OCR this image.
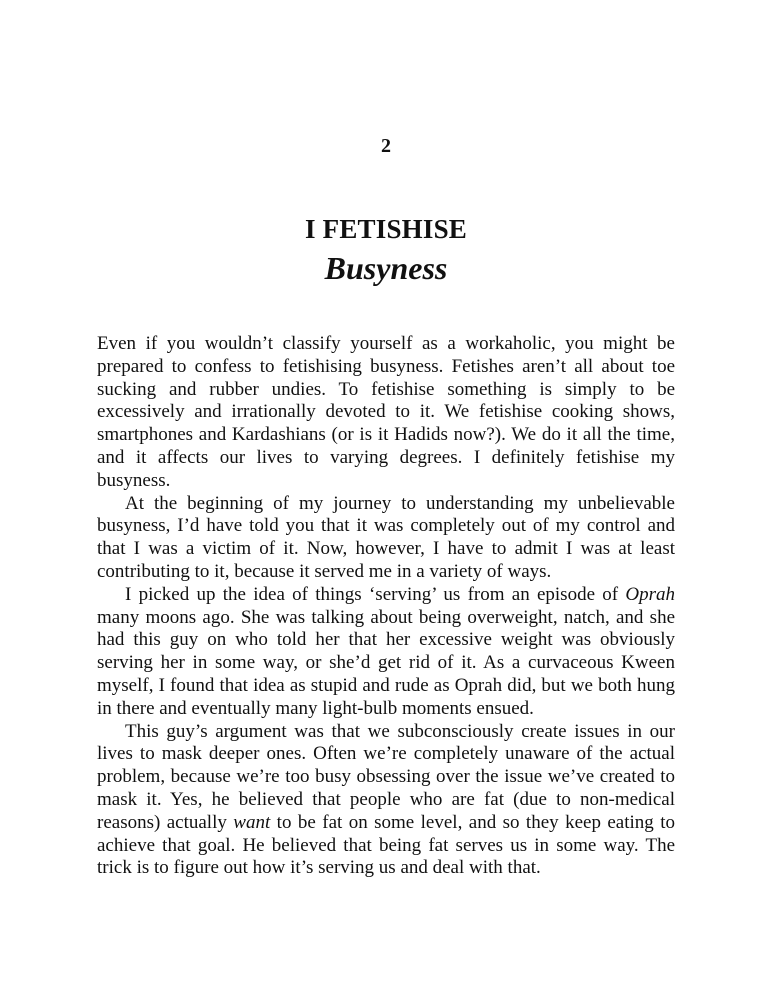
2
I FETISHISE
Busyness

Even if you wouldn’t classify yourself as a workaholic, you might be prepared to confess to fetishising busyness. Fetishes aren’t all about toe sucking and rubber undies. To fetishise something is simply to be excessively and irrationally devoted to it. We fetishise cooking shows, smartphones and Kardashians (or is it Hadids now?). We do it all the time, and it affects our lives to varying degrees. I definitely fetishise my busyness.

At the beginning of my journey to understanding my unbelievable busyness, I’d have told you that it was completely out of my control and that I was a victim of it. Now, however, I have to admit I was at least contributing to it, because it served me in a variety of ways.

I picked up the idea of things ‘serving’ us from an episode of Oprah many moons ago. She was talking about being overweight, natch, and she had this guy on who told her that her excessive weight was obviously serving her in some way, or she’d get rid of it. As a curvaceous Kween myself, I found that idea as stupid and rude as Oprah did, but we both hung in there and eventually many light-bulb moments ensued.

This guy’s argument was that we subconsciously create issues in our lives to mask deeper ones. Often we’re completely unaware of the actual problem, because we’re too busy obsessing over the issue we’ve created to mask it. Yes, he believed that people who are fat (due to non-medical reasons) actually want to be fat on some level, and so they keep eating to achieve that goal. He believed that being fat serves us in some way. The trick is to figure out how it’s serving us and deal with that.
